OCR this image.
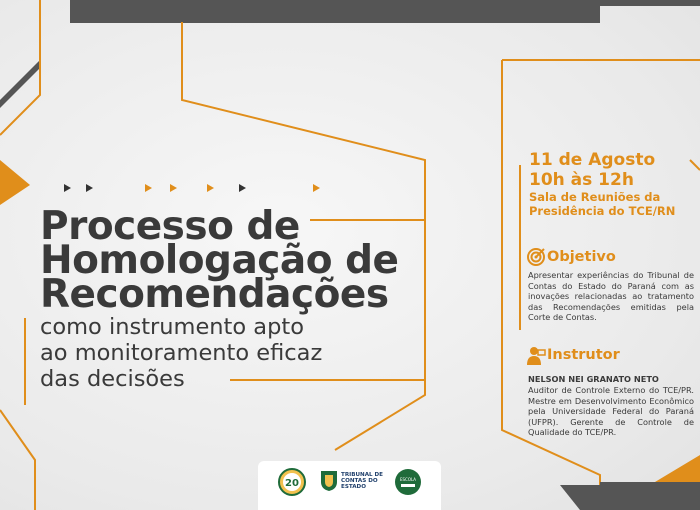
Processo de
Homologação de
Recomendações
como instrumento apto
ao monitoramento eficaz
das decisões
11 de Agosto
10h às 12h
Sala de Reuniões da
Presidência do TCE/RN
Objetivo
Apresentar experiências do Tribunal de Contas do Estado do Paraná com as inovações relacionadas ao tratamento das Recomendações emitidas pela Corte de Contas.
Instrutor
NELSON NEI GRANATO NETO
Auditor de Controle Externo do TCE/PR. Mestre em Desenvolvimento Econômico pela Universidade Federal do Paraná (UFPR). Gerente de Controle de Qualidade do TCE/PR.
20
TRIBUNAL DE
CONTAS DO
ESTADO
ESCOLA
